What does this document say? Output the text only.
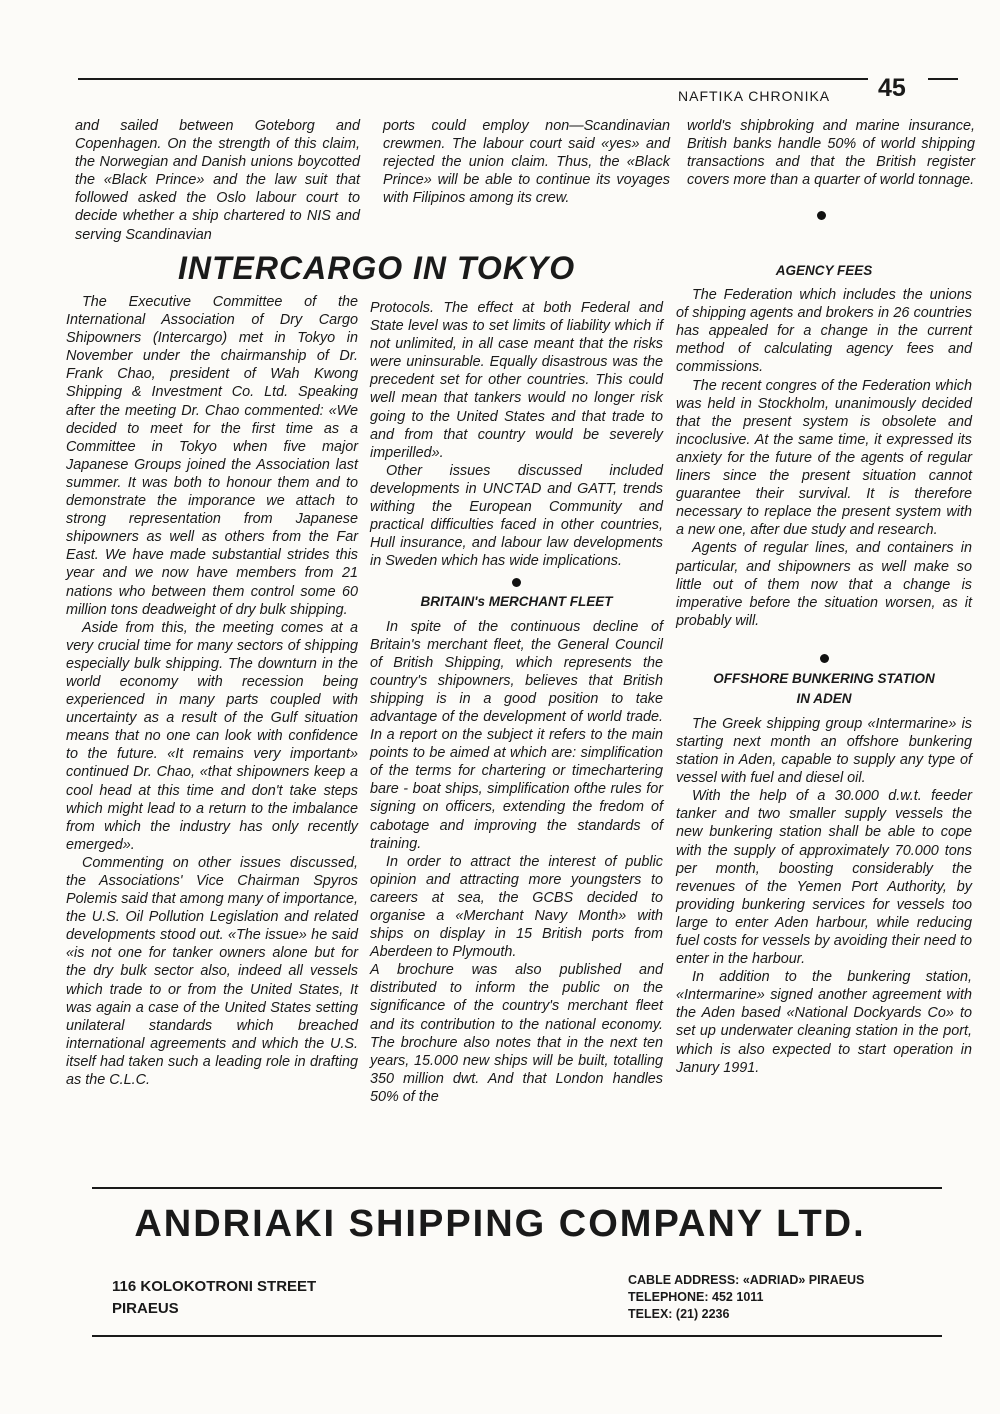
NAFTIKA CHRONIKA 45

and sailed between Goteborg and Copenhagen. On the strength of this claim, the Norwegian and Danish unions boycotted the «Black Prince» and the law suit that followed asked the Oslo labour court to decide whether a ship chartered to NIS and serving Scandinavian

ports could employ non—Scandinavian crewmen. The labour court said «yes» and rejected the union claim. Thus, the «Black Prince» will be able to continue its voyages with Filipinos among its crew.

world's shipbroking and marine insurance, British banks handle 50% of world shipping transactions and that the British register covers more than a quarter of world tonnage.

INTERCARGO IN TOKYO

The Executive Committee of the International Association of Dry Cargo Shipowners (Intercargo) met in Tokyo in November under the chairmanship of Dr. Frank Chao, president of Wah Kwong Shipping & Investment Co. Ltd. Speaking after the meeting Dr. Chao commented: «We decided to meet for the first time as a Committee in Tokyo when five major Japanese Groups joined the Association last summer. It was both to honour them and to demonstrate the imporance we attach to strong representation from Japanese shipowners as well as others from the Far East. We have made substantial strides this year and we now have members from 21 nations who between them control some 60 million tons deadweight of dry bulk shipping.

Aside from this, the meeting comes at a very crucial time for many sectors of shipping especially bulk shipping. The downturn in the world economy with recession being experienced in many parts coupled with uncertainty as a result of the Gulf situation means that no one can look with confidence to the future. «It remains very important» continued Dr. Chao, «that shipowners keep a cool head at this time and don't take steps which might lead to a return to the imbalance from which the industry has only recently emerged».

Commenting on other issues discussed, the Associations' Vice Chairman Spyros Polemis said that among many of importance, the U.S. Oil Pollution Legislation and related developments stood out. «The issue» he said «is not one for tanker owners alone but for the dry bulk sector also, indeed all vessels which trade to or from the United States, It was again a case of the United States setting unilateral standards which breached international agreements and which the U.S. itself had taken such a leading role in drafting as the C.L.C.

Protocols. The effect at both Federal and State level was to set limits of liability which if not unlimited, in all case meant that the risks were uninsurable. Equally disastrous was the precedent set for other countries. This could well mean that tankers would no longer risk going to the United States and that trade to and from that country would be severely imperilled».

Other issues discussed included developments in UNCTAD and GATT, trends withing the European Community and practical difficulties faced in other countries, Hull insurance, and labour law developments in Sweden which has wide implications.

BRITAIN's MERCHANT FLEET

In spite of the continuous decline of Britain's merchant fleet, the General Council of British Shipping, which represents the country's shipowners, believes that British shipping is in a good position to take advantage of the development of world trade. In a report on the subject it refers to the main points to be aimed at which are: simplification of the terms for chartering or timechartering bare - boat ships, simplification ofthe rules for signing on officers, extending the fredom of cabotage and improving the standards of training.

In order to attract the interest of public opinion and attracting more youngsters to careers at sea, the GCBS decided to organise a «Merchant Navy Month» with ships on display in 15 British ports from Aberdeen to Plymouth.

A brochure was also published and distributed to inform the public on the significance of the country's merchant fleet and its contribution to the national economy. The brochure also notes that in the next ten years, 15.000 new ships will be built, totalling 350 million dwt. And that London handles 50% of the

AGENCY FEES

The Federation which includes the unions of shipping agents and brokers in 26 countries has appealed for a change in the current method of calculating agency fees and commissions.

The recent congres of the Federation which was held in Stockholm, unanimously decided that the present system is obsolete and incoclusive. At the same time, it expressed its anxiety for the future of the agents of regular liners since the present situation cannot guarantee their survival. It is therefore necessary to replace the present system with a new one, after due study and research.

Agents of regular lines, and containers in particular, and shipowners as well make so little out of them now that a change is imperative before the situation worsen, as it probably will.

OFFSHORE BUNKERING STATION IN ADEN

The Greek shipping group «Intermarine» is starting next month an offshore bunkering station in Aden, capable to supply any type of vessel with fuel and diesel oil.

With the help of a 30.000 d.w.t. feeder tanker and two smaller supply vessels the new bunkering station shall be able to cope with the supply of approximately 70.000 tons per month, boosting considerably the revenues of the Yemen Port Authority, by providing bunkering services for vessels too large to enter Aden harbour, while reducing fuel costs for vessels by avoiding their need to enter in the harbour.

In addition to the bunkering station, «Intermarine» signed another agreement with the Aden based «National Dockyards Co» to set up underwater cleaning station in the port, which is also expected to start operation in Janury 1991.

ANDRIAKI SHIPPING COMPANY LTD.
116 KOLOKOTRONI STREET
PIRAEUS
CABLE ADDRESS: «ADRIAD» PIRAEUS
TELEPHONE: 452 1011
TELEX: (21) 2236
